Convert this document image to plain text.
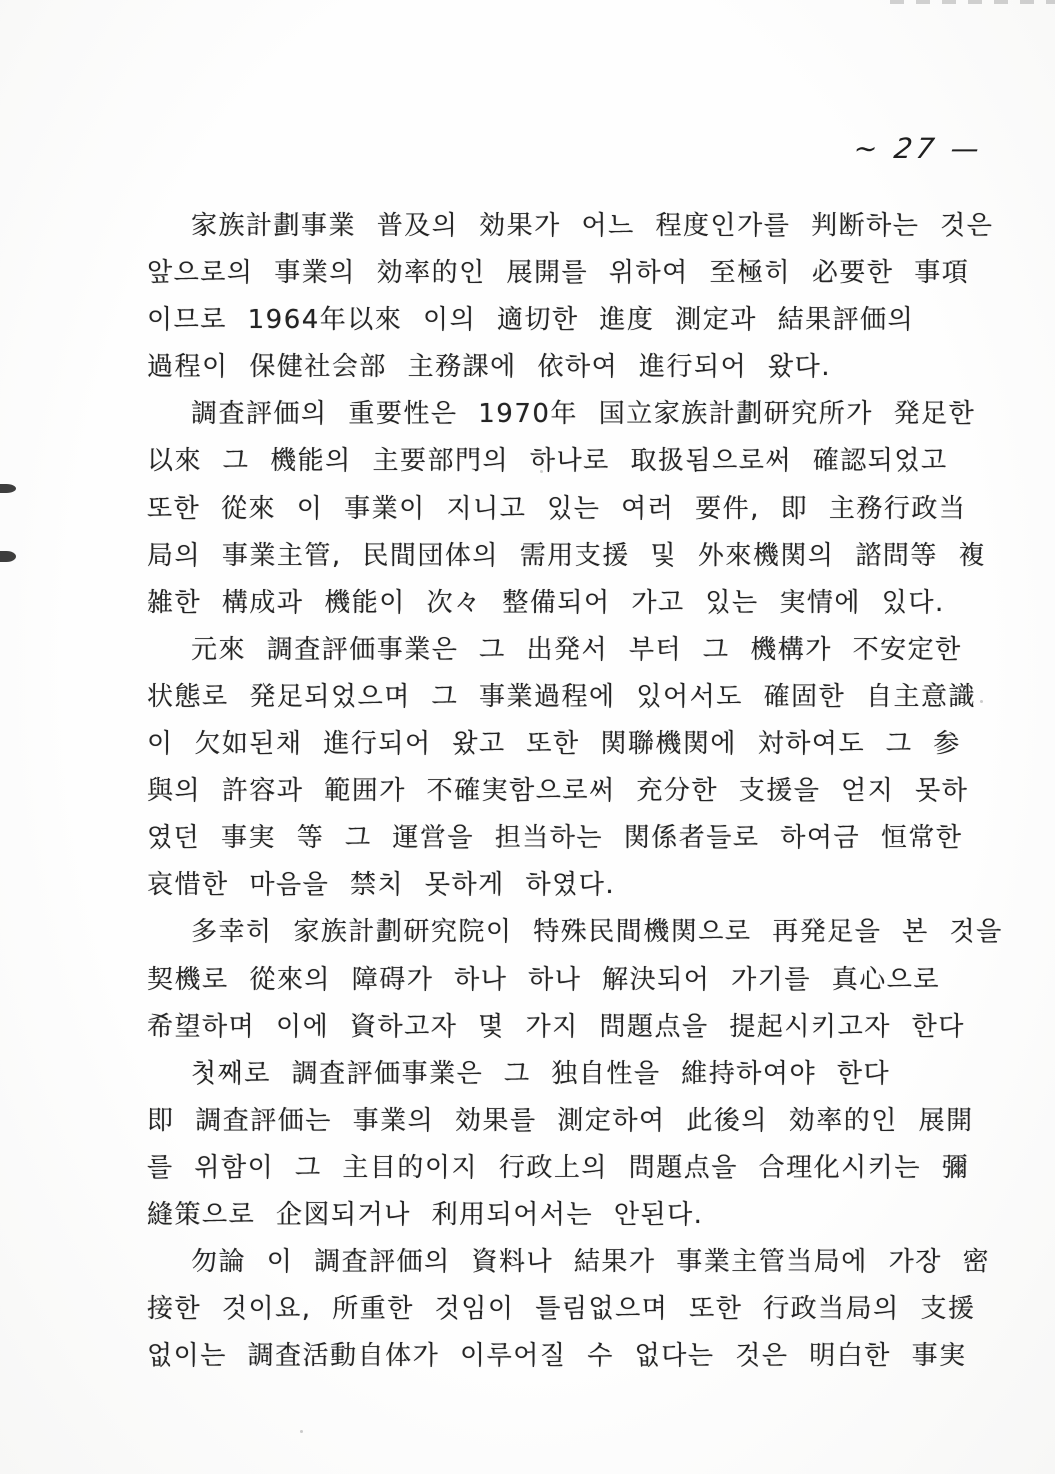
~ 27 —
家族計劃事業 普及의 効果가 어느 程度인가를 判断하는 것은
앞으로의 事業의 効率的인 展開를 위하여 至極히 必要한 事項
이므로 1964年以來 이의 適切한 進度 測定과 結果評価의
過程이 保健社会部 主務課에 依하여 進行되어 왔다.
調査評価의 重要性은 1970年 国立家族計劃研究所가 発足한
以來 그 機能의 主要部門의 하나로 取扱됨으로써 確認되었고
또한 從來 이 事業이 지니고 있는 여러 要件, 即 主務行政当
局의 事業主管, 民間団体의 需用支援 및 外來機関의 諮問等 複
雑한 構成과 機能이 次々 整備되어 가고 있는 実情에 있다.
元來 調査評価事業은 그 出発서 부터 그 機構가 不安定한
状態로 発足되었으며 그 事業過程에 있어서도 確固한 自主意識
이 欠如된채 進行되어 왔고 또한 関聯機関에 対하여도 그 参
與의 許容과 範囲가 不確実함으로써 充分한 支援을 얻지 못하
였던 事実 等 그 運営을 担当하는 関係者들로 하여금 恒常한
哀惜한 마음을 禁치 못하게 하였다.
多幸히 家族計劃研究院이 特殊民間機関으로 再発足을 본 것을
契機로 從來의 障碍가 하나 하나 解決되어 가기를 真心으로
希望하며 이에 資하고자 몇 가지 問題点을 提起시키고자 한다
첫째로 調査評価事業은 그 独自性을 維持하여야 한다
即 調査評価는 事業의 効果를 測定하여 此後의 効率的인 展開
를 위함이 그 主目的이지 行政上의 問題点을 合理化시키는 彌
縫策으로 企図되거나 利用되어서는 안된다.
勿論 이 調査評価의 資料나 結果가 事業主管当局에 가장 密
接한 것이요, 所重한 것임이 틀림없으며 또한 行政当局의 支援
없이는 調査活動自体가 이루어질 수 없다는 것은 明白한 事実
